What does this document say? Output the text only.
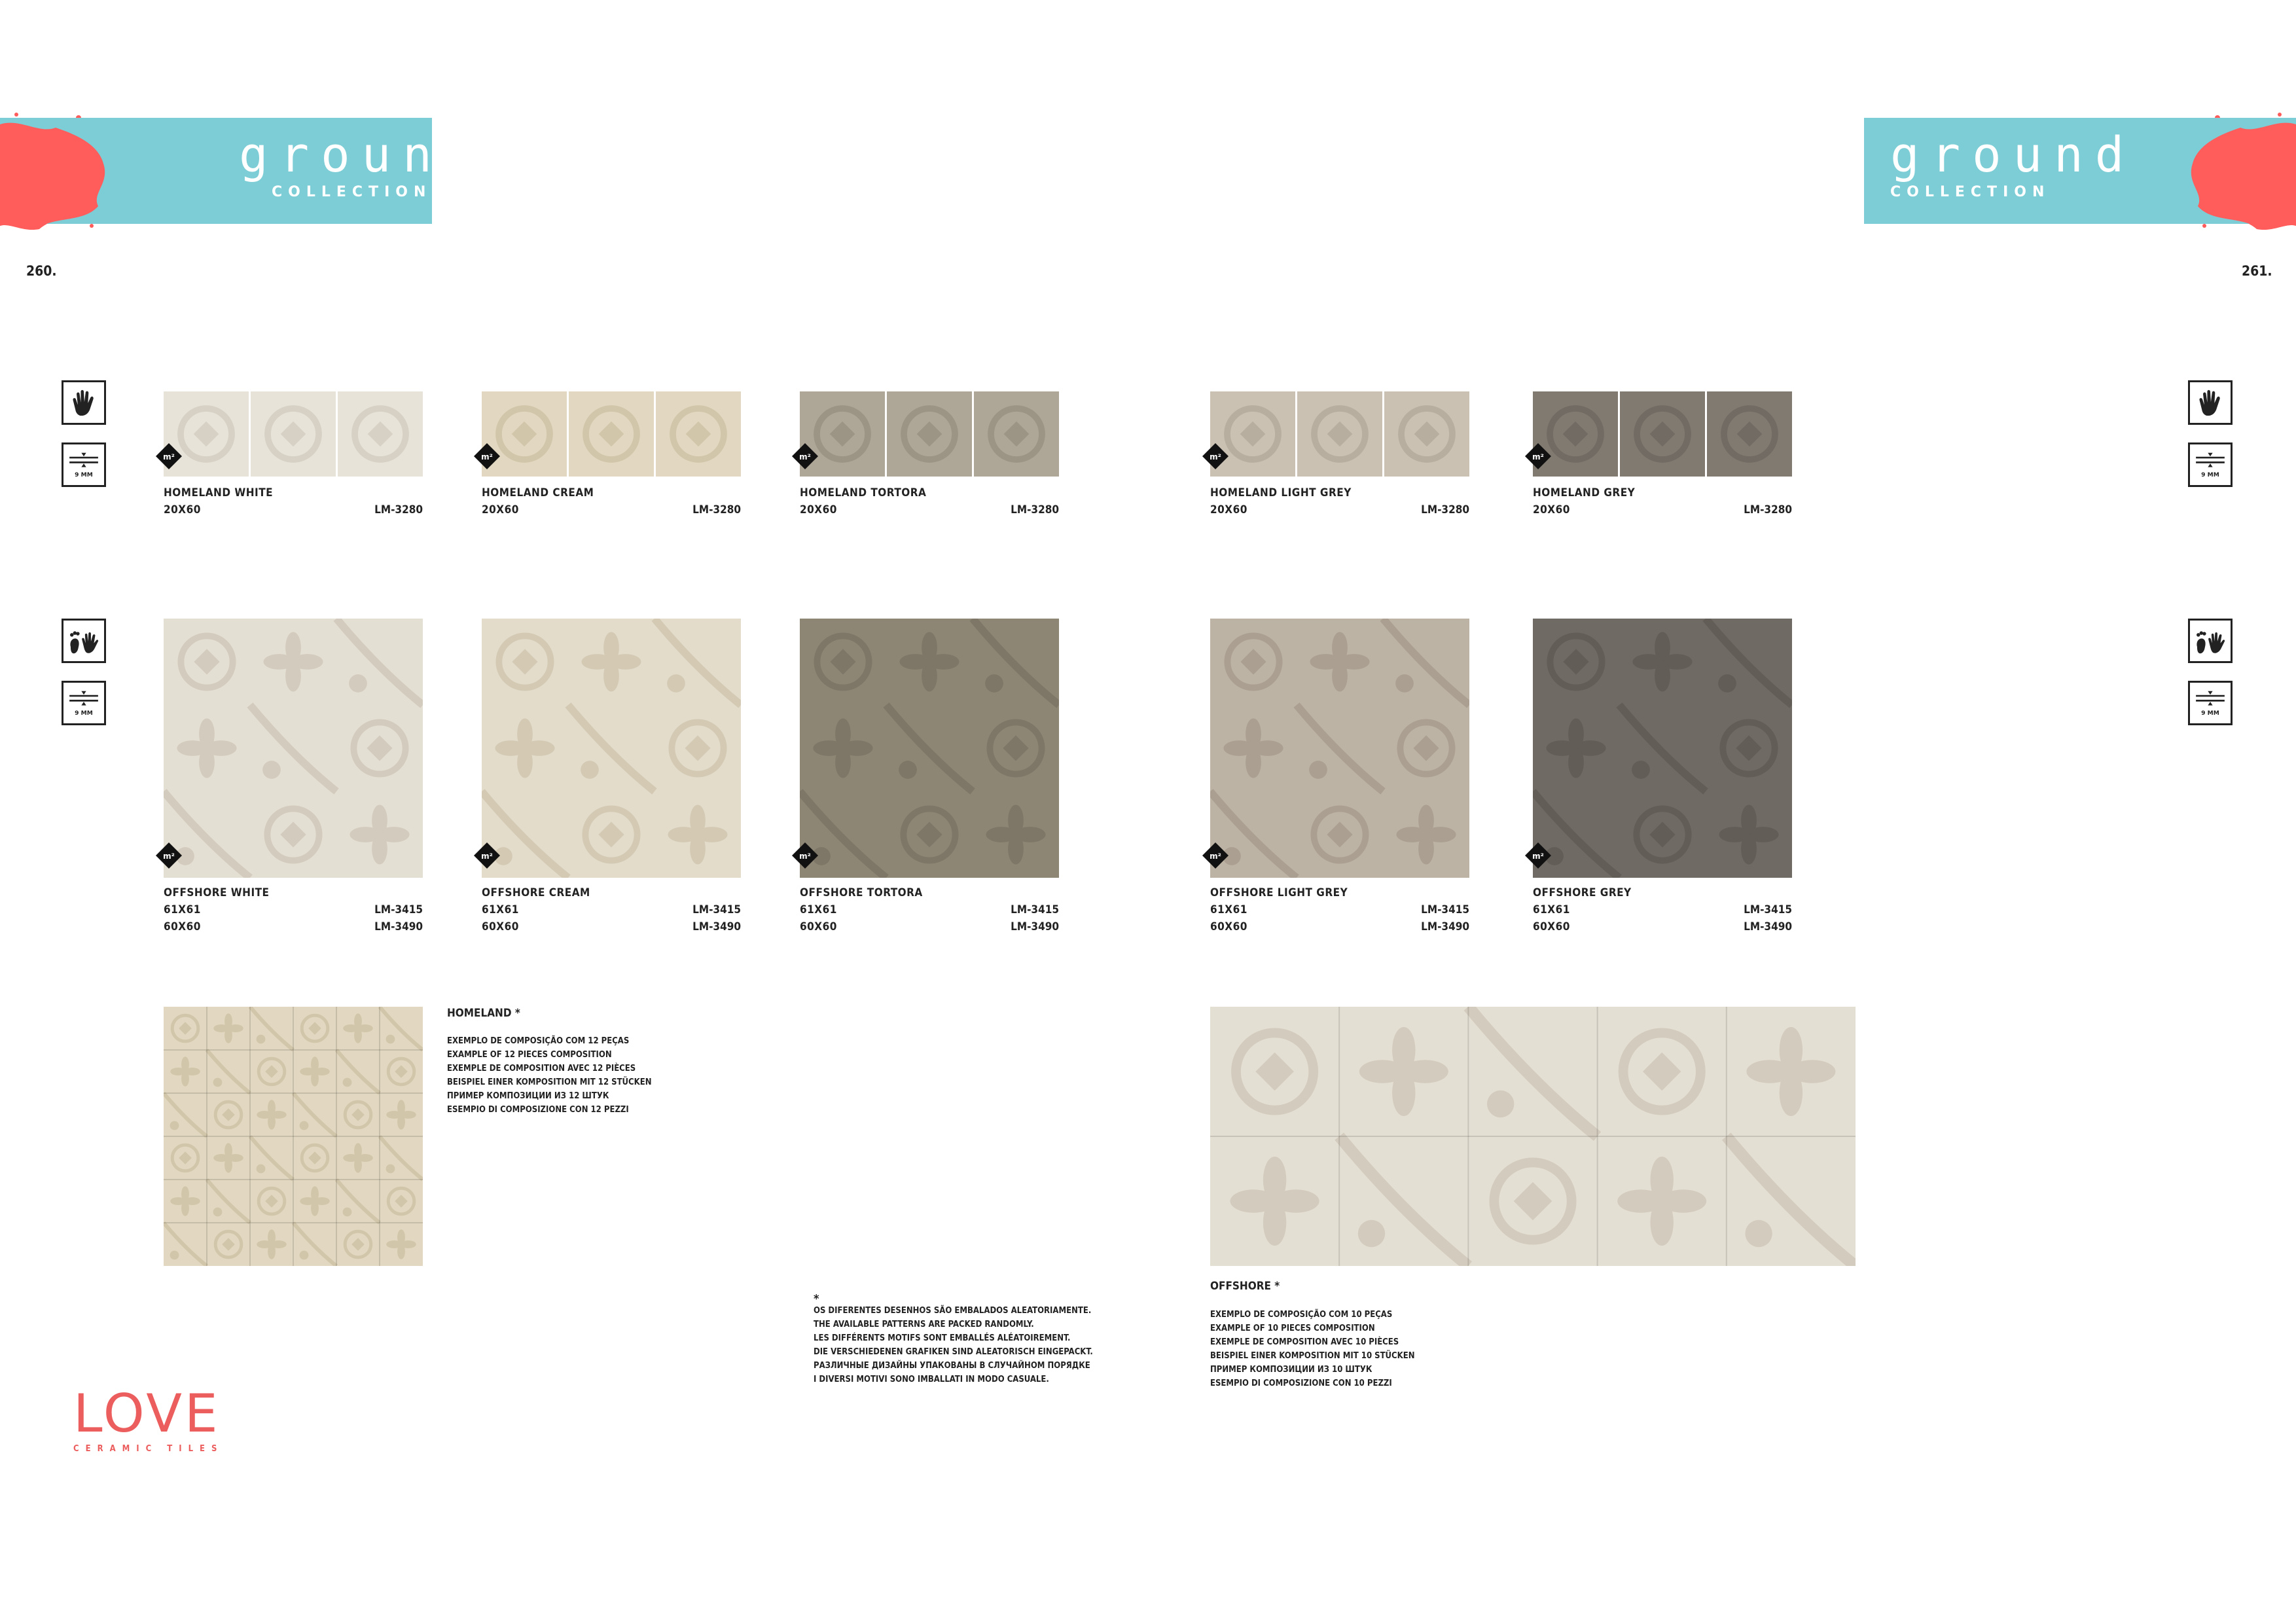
ground
COLLECTION
ground
COLLECTION
260.	261.
9 MM
9 MM
9 MM
9 MM
m²
HOMELAND WHITE
20X60	LM-3280
m²
HOMELAND CREAM
20X60	LM-3280
m²
HOMELAND TORTORA
20X60	LM-3280
m²
HOMELAND LIGHT GREY
20X60	LM-3280
m²
HOMELAND GREY
20X60	LM-3280
m²
OFFSHORE WHITE
61X61	LM-3415
60X60	LM-3490
m²
OFFSHORE CREAM
61X61	LM-3415
60X60	LM-3490
m²
OFFSHORE TORTORA
61X61	LM-3415
60X60	LM-3490
m²
OFFSHORE LIGHT GREY
61X61	LM-3415
60X60	LM-3490
m²
OFFSHORE GREY
61X61	LM-3415
60X60	LM-3490
HOMELAND *
EXEMPLO DE COMPOSIÇÃO COM 12 PEÇAS
EXAMPLE OF 12 PIECES COMPOSITION
EXEMPLE DE COMPOSITION AVEC 12 PIÈCES
BEISPIEL EINER KOMPOSITION MIT 12 STÜCKEN
ПРИМЕР КОМПОЗИЦИИ ИЗ 12 ШТУК
ESEMPIO DI COMPOSIZIONE CON 12 PEZZI
*
OS DIFERENTES DESENHOS SÃO EMBALADOS ALEATORIAMENTE.
THE AVAILABLE PATTERNS ARE PACKED RANDOMLY.
LES DIFFÉRENTS MOTIFS SONT EMBALLÉS ALÉATOIREMENT.
DIE VERSCHIEDENEN GRAFIKEN SIND ALEATORISCH EINGEPACKT.
РАЗЛИЧНЫЕ ДИЗАЙНЫ УПАКОВАНЫ В СЛУЧАЙНОМ ПОРЯДКЕ
I DIVERSI MOTIVI SONO IMBALLATI IN MODO CASUALE.
OFFSHORE *
EXEMPLO DE COMPOSIÇÃO COM 10 PEÇAS
EXAMPLE OF 10 PIECES COMPOSITION
EXEMPLE DE COMPOSITION AVEC 10 PIÈCES
BEISPIEL EINER KOMPOSITION MIT 10 STÜCKEN
ПРИМЕР КОМПОЗИЦИИ ИЗ 10 ШТУК
ESEMPIO DI COMPOSIZIONE CON 10 PEZZI
LOVE
CERAMIC TILES
